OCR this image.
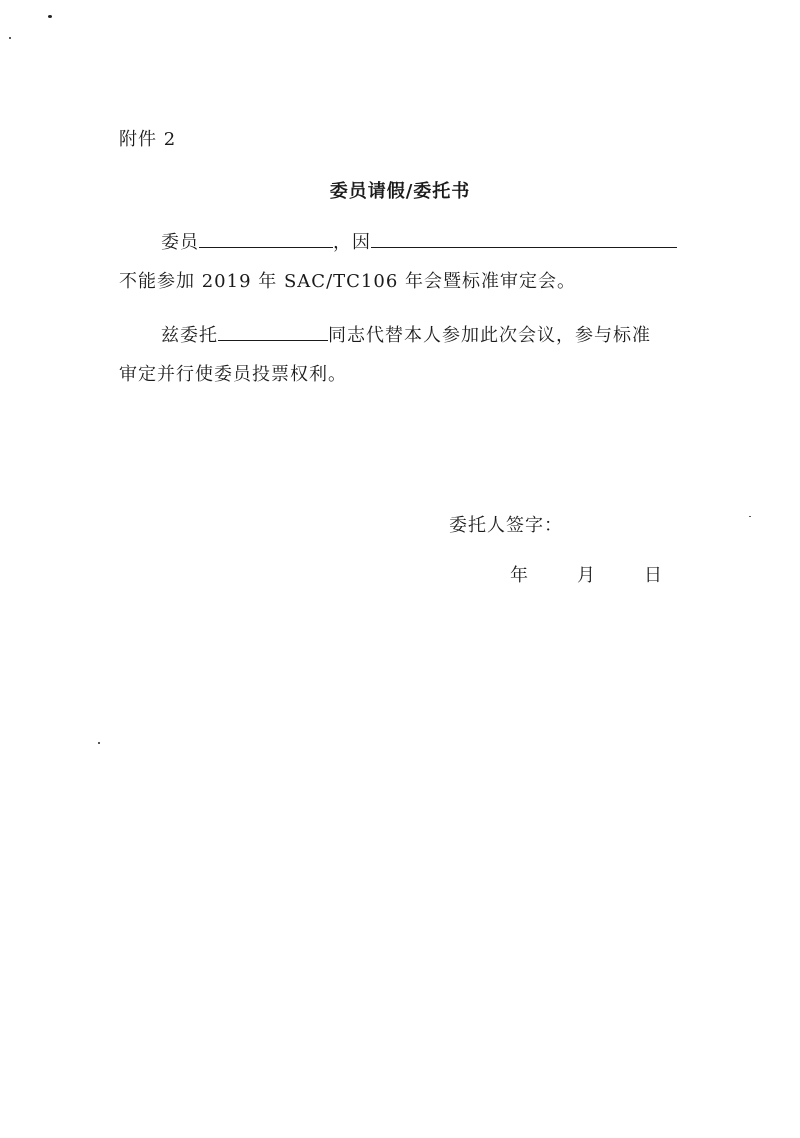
附件 2
委员请假/委托书
委员	，因
不能参加 2019 年 SAC/TC106 年会暨标准审定会。
兹委托	同志代替本人参加此次会议，参与标准
审定并行使委员投票权利。
委托人签字：
年	月	日
